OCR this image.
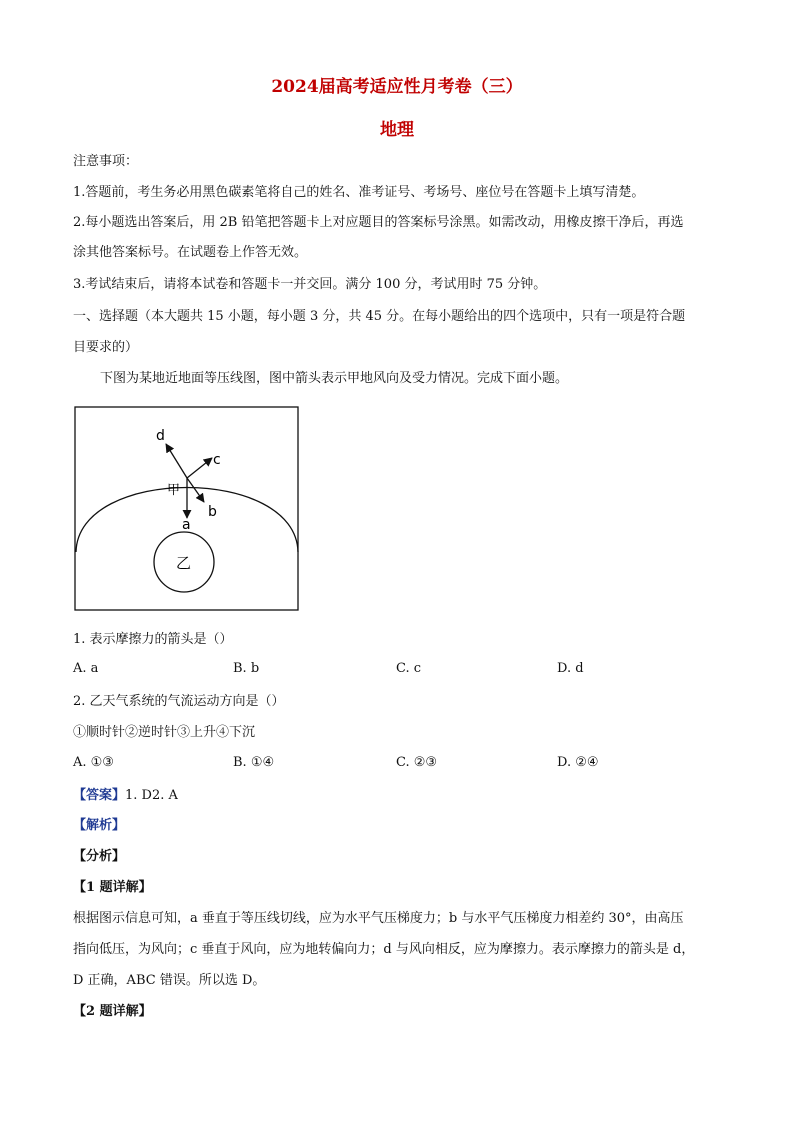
2024届高考适应性月考卷（三）
地理
注意事项：
1.答题前，考生务必用黑色碳素笔将自己的姓名、准考证号、考场号、座位号在答题卡上填写清楚。
2.每小题选出答案后，用 2B 铅笔把答题卡上对应题目的答案标号涂黑。如需改动，用橡皮擦干净后，再选
涂其他答案标号。在试题卷上作答无效。
3.考试结束后，请将本试卷和答题卡一并交回。满分 100 分，考试用时 75 分钟。
一、选择题（本大题共 15 小题，每小题 3 分，共 45 分。在每小题给出的四个选项中，只有一项是符合题
目要求的）
下图为某地近地面等压线图，图中箭头表示甲地风向及受力情况。完成下面小题。
d
c
甲
b
a
乙
1. 表示摩擦力的箭头是（）
A. a	B. b	C. c	D. d
2. 乙天气系统的气流运动方向是（）
①顺时针②逆时针③上升④下沉
A. ①③	B. ①④	C. ②③	D. ②④
【答案】1. D2. A
【解析】
【分析】
【1 题详解】
根据图示信息可知，a 垂直于等压线切线，应为水平气压梯度力；b 与水平气压梯度力相差约 30°，由高压
指向低压，为风向；c 垂直于风向，应为地转偏向力；d 与风向相反，应为摩擦力。表示摩擦力的箭头是 d，
D 正确，ABC 错误。所以选 D。
【2 题详解】
